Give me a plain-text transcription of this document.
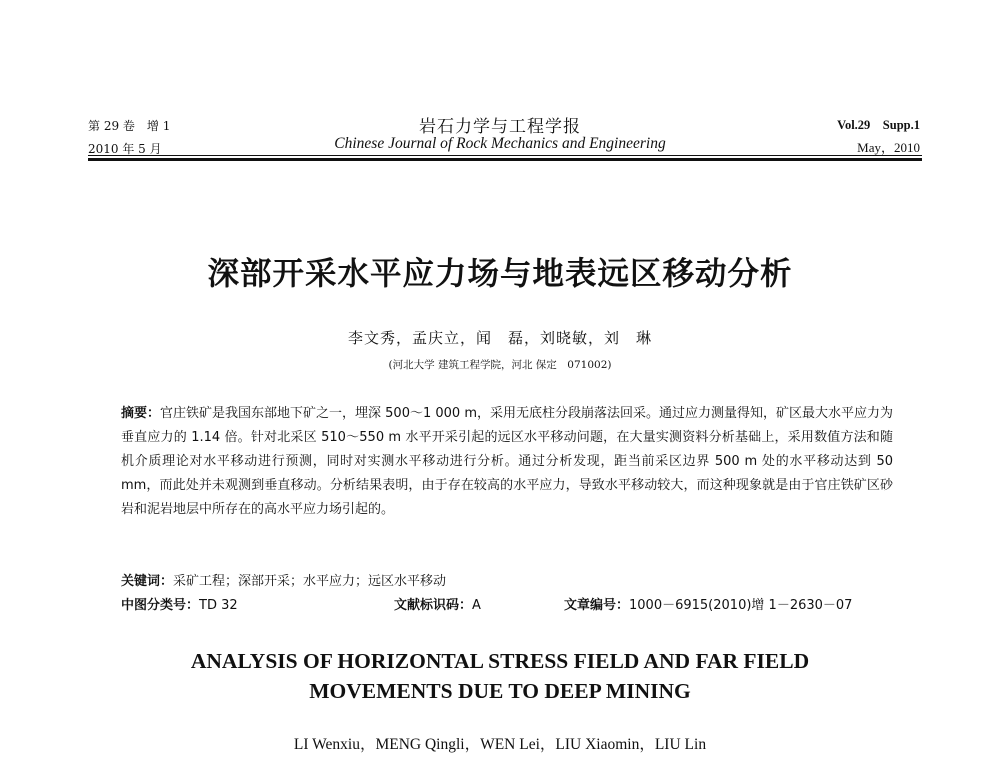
第 29 卷　增 1
2010 年 5 月
岩石力学与工程学报
Chinese Journal of Rock Mechanics and Engineering
Vol.29　Supp.1
May，2010
深部开采水平应力场与地表远区移动分析
李文秀，孟庆立，闻　磊，刘晓敏，刘　琳
(河北大学 建筑工程学院，河北 保定　071002)
摘要：官庄铁矿是我国东部地下矿之一，埋深 500～1 000 m，采用无底柱分段崩落法回采。通过应力测量得知，矿区最大水平应力为垂直应力的 1.14 倍。针对北采区 510～550 m 水平开采引起的远区水平移动问题，在大量实测资料分析基础上，采用数值方法和随机介质理论对水平移动进行预测，同时对实测水平移动进行分析。通过分析发现，距当前采区边界 500 m 处的水平移动达到 50 mm，而此处并未观测到垂直移动。分析结果表明，由于存在较高的水平应力，导致水平移动较大，而这种现象就是由于官庄铁矿区砂岩和泥岩地层中所存在的高水平应力场引起的。
关键词：采矿工程；深部开采；水平应力；远区水平移动
中图分类号：TD 32	文献标识码：A	文章编号：1000－6915(2010)增 1－2630－07
ANALYSIS OF HORIZONTAL STRESS FIELD AND FAR FIELD
MOVEMENTS DUE TO DEEP MINING
LI Wenxiu，MENG Qingli，WEN Lei，LIU Xiaomin，LIU Lin
